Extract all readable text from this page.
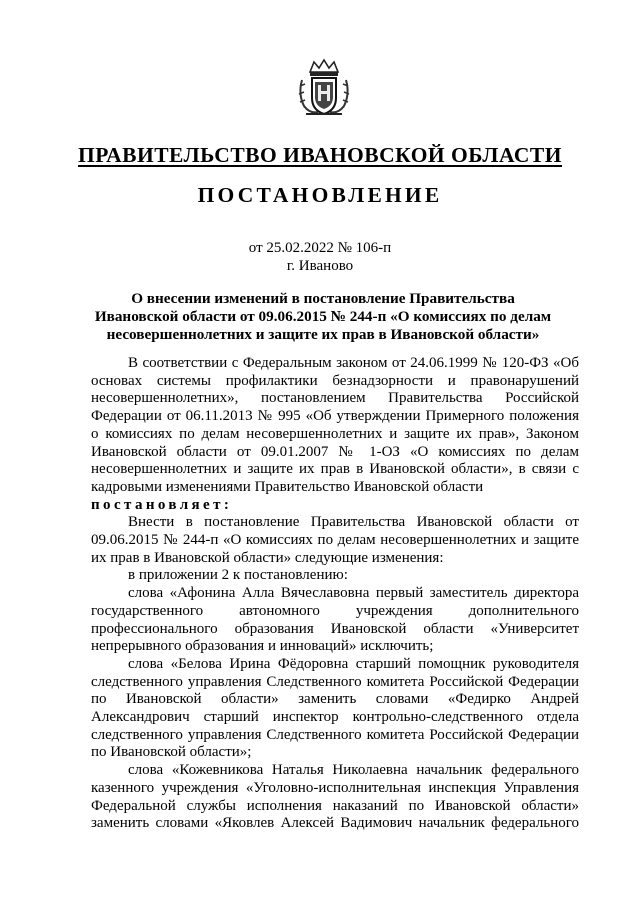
ПРАВИТЕЛЬСТВО ИВАНОВСКОЙ ОБЛАСТИ
ПОСТАНОВЛЕНИЕ
от 25.02.2022 № 106-п
г. Иваново
О внесении изменений в постановление Правительства Ивановской области от 09.06.2015 № 244-п «О комиссиях по делам несовершеннолетних и защите их прав в Ивановской области»

В соответствии с Федеральным законом от 24.06.1999 № 120-ФЗ «Об основах системы профилактики безнадзорности и правонарушений несовершеннолетних», постановлением Правительства Российской Федерации от 06.11.2013 № 995 «Об утверждении Примерного положения о комиссиях по делам несовершеннолетних и защите их прав», Законом Ивановской области от 09.01.2007 № 1-ОЗ «О комиссиях по делам несовершеннолетних и защите их прав в Ивановской области», в связи с кадровыми изменениями Правительство Ивановской области

постановляет:

Внести в постановление Правительства Ивановской области от 09.06.2015 № 244-п «О комиссиях по делам несовершеннолетних и защите их прав в Ивановской области» следующие изменения:

в приложении 2 к постановлению:

слова «Афонина Алла Вячеславовна первый заместитель директора государственного автономного учреждения дополнительного профессионального образования Ивановской области «Университет непрерывного образования и инноваций» исключить;

слова «Белова Ирина Фёдоровна старший помощник руководителя следственного управления Следственного комитета Российской Федерации по Ивановской области» заменить словами «Федирко Андрей Александрович старший инспектор контрольно-следственного отдела следственного управления Следственного комитета Российской Федерации по Ивановской области»;

слова «Кожевникова Наталья Николаевна начальник федерального казенного учреждения «Уголовно-исполнительная инспекция Управления Федеральной службы исполнения наказаний по Ивановской области» заменить словами «Яковлев Алексей Вадимович начальник федерального
